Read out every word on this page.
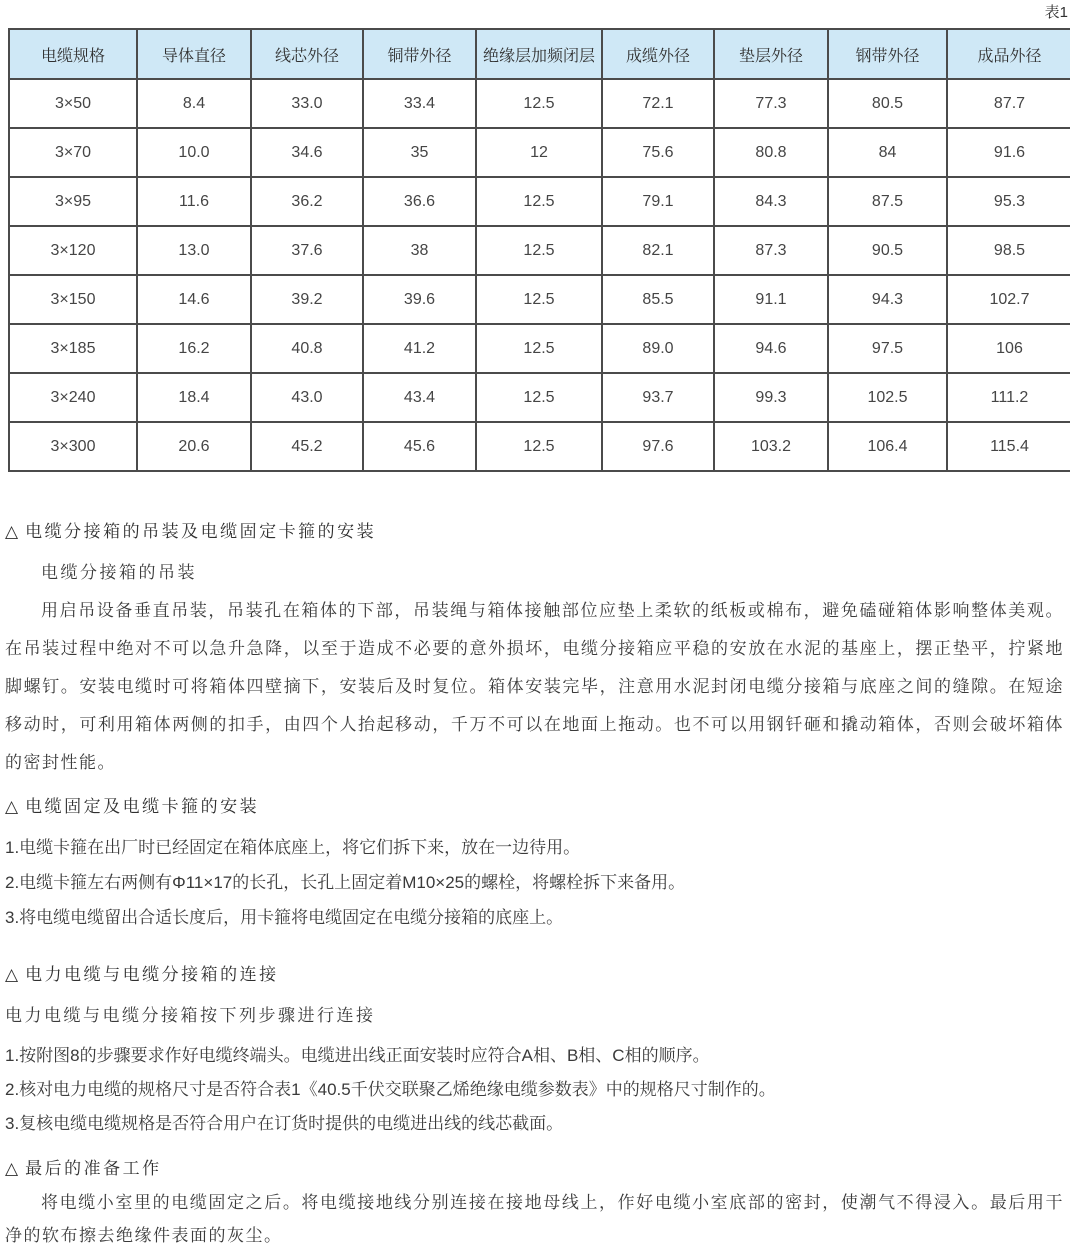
表1
电缆规格	导体直径	线芯外径	铜带外径	绝缘层加频闭层	成缆外径	垫层外径	钢带外径	成品外径
3×50	8.4	33.0	33.4	12.5	72.1	77.3	80.5	87.7
3×70	10.0	34.6	35	12	75.6	80.8	84	91.6
3×95	11.6	36.2	36.6	12.5	79.1	84.3	87.5	95.3
3×120	13.0	37.6	38	12.5	82.1	87.3	90.5	98.5
3×150	14.6	39.2	39.6	12.5	85.5	91.1	94.3	102.7
3×185	16.2	40.8	41.2	12.5	89.0	94.6	97.5	106
3×240	18.4	43.0	43.4	12.5	93.7	99.3	102.5	111.2
3×300	20.6	45.2	45.6	12.5	97.6	103.2	106.4	115.4
△ 电缆分接箱的吊装及电缆固定卡箍的安装
电缆分接箱的吊装
用启吊设备垂直吊装，吊装孔在箱体的下部，吊装绳与箱体接触部位应垫上柔软的纸板或棉布，避免磕碰箱体影响整体美观。在吊装过程中绝对不可以急升急降，以至于造成不必要的意外损坏，电缆分接箱应平稳的安放在水泥的基座上，摆正垫平，拧紧地脚螺钉。安装电缆时可将箱体四壁摘下，安装后及时复位。箱体安装完毕，注意用水泥封闭电缆分接箱与底座之间的缝隙。在短途移动时，可利用箱体两侧的扣手，由四个人抬起移动，千万不可以在地面上拖动。也不可以用钢钎砸和撬动箱体，否则会破坏箱体的密封性能。
△ 电缆固定及电缆卡箍的安装
1.电缆卡箍在出厂时已经固定在箱体底座上，将它们拆下来，放在一边待用。
2.电缆卡箍左右两侧有Φ11×17的长孔，长孔上固定着M10×25的螺栓，将螺栓拆下来备用。
3.将电缆电缆留出合适长度后，用卡箍将电缆固定在电缆分接箱的底座上。
△ 电力电缆与电缆分接箱的连接
电力电缆与电缆分接箱按下列步骤进行连接
1.按附图8的步骤要求作好电缆终端头。电缆进出线正面安装时应符合A相、B相、C相的顺序。
2.核对电力电缆的规格尺寸是否符合表1《40.5千伏交联聚乙烯绝缘电缆参数表》中的规格尺寸制作的。
3.复核电缆电缆规格是否符合用户在订货时提供的电缆进出线的线芯截面。
△ 最后的准备工作
将电缆小室里的电缆固定之后。将电缆接地线分别连接在接地母线上，作好电缆小室底部的密封，使潮气不得浸入。最后用干净的软布擦去绝缘件表面的灰尘。
